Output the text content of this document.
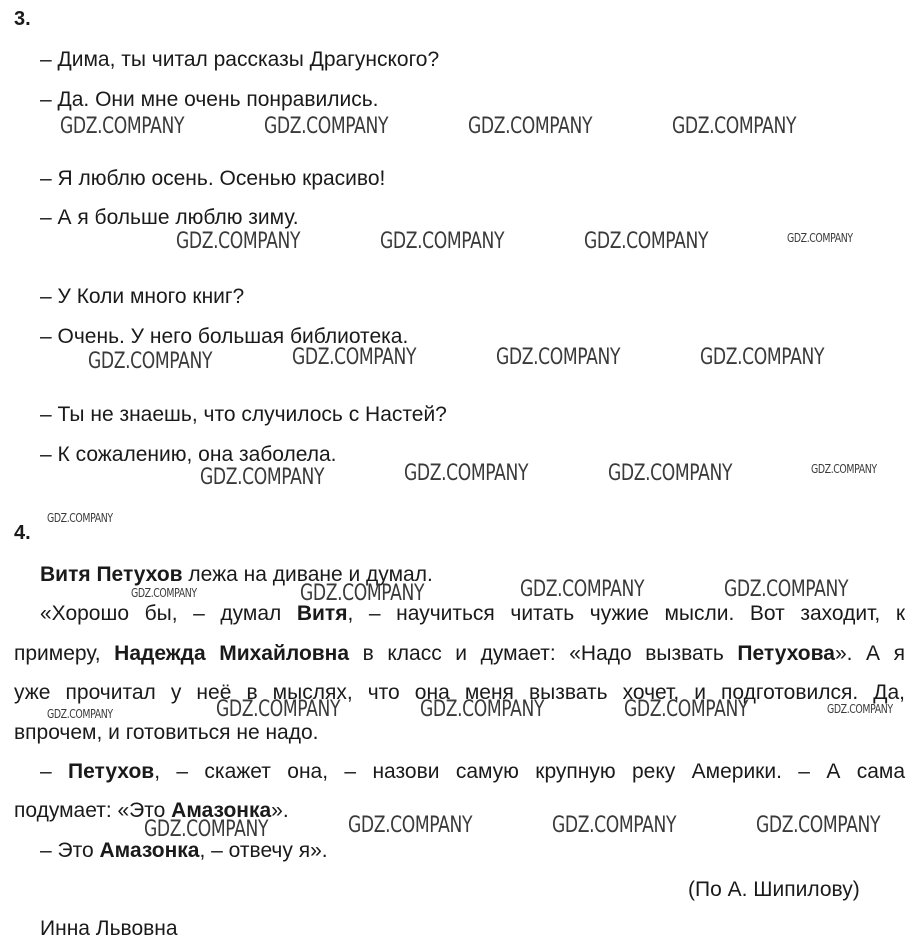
3.
– Дима, ты читал рассказы Драгунского?
– Да. Они мне очень понравились.
– Я люблю осень. Осенью красиво!
– А я больше люблю зиму.
– У Коли много книг?
– Очень. У него большая библиотека.
– Ты не знаешь, что случилось с Настей?
– К сожалению, она заболела.
4.
Витя Петухов лежа на диване и думал.
«Хорошо бы, – думал Витя, – научиться читать чужие мысли. Вот заходит, к
примеру, Надежда Михайловна в класс и думает: «Надо вызвать Петухова». А я
уже прочитал у неё в мыслях, что она меня вызвать хочет, и подготовился. Да,
впрочем, и готовиться не надо.
– Петухов, – скажет она, – назови самую крупную реку Америки. – А сама
подумает: «Это Амазонка».
– Это Амазонка, – отвечу я».
(По А. Шипилову)
Инна Львовна
GDZ.COMPANY	GDZ.COMPANY	GDZ.COMPANY	GDZ.COMPANY
GDZ.COMPANY	GDZ.COMPANY	GDZ.COMPANY	GDZ.COMPANY
GDZ.COMPANY	GDZ.COMPANY	GDZ.COMPANY	GDZ.COMPANY
GDZ.COMPANY	GDZ.COMPANY	GDZ.COMPANY	GDZ.COMPANY
GDZ.COMPANY
GDZ.COMPANY	GDZ.COMPANY	GDZ.COMPANY	GDZ.COMPANY
GDZ.COMPANY	GDZ.COMPANY	GDZ.COMPANY	GDZ.COMPANY	GDZ.COMPANY
GDZ.COMPANY	GDZ.COMPANY	GDZ.COMPANY	GDZ.COMPANY
